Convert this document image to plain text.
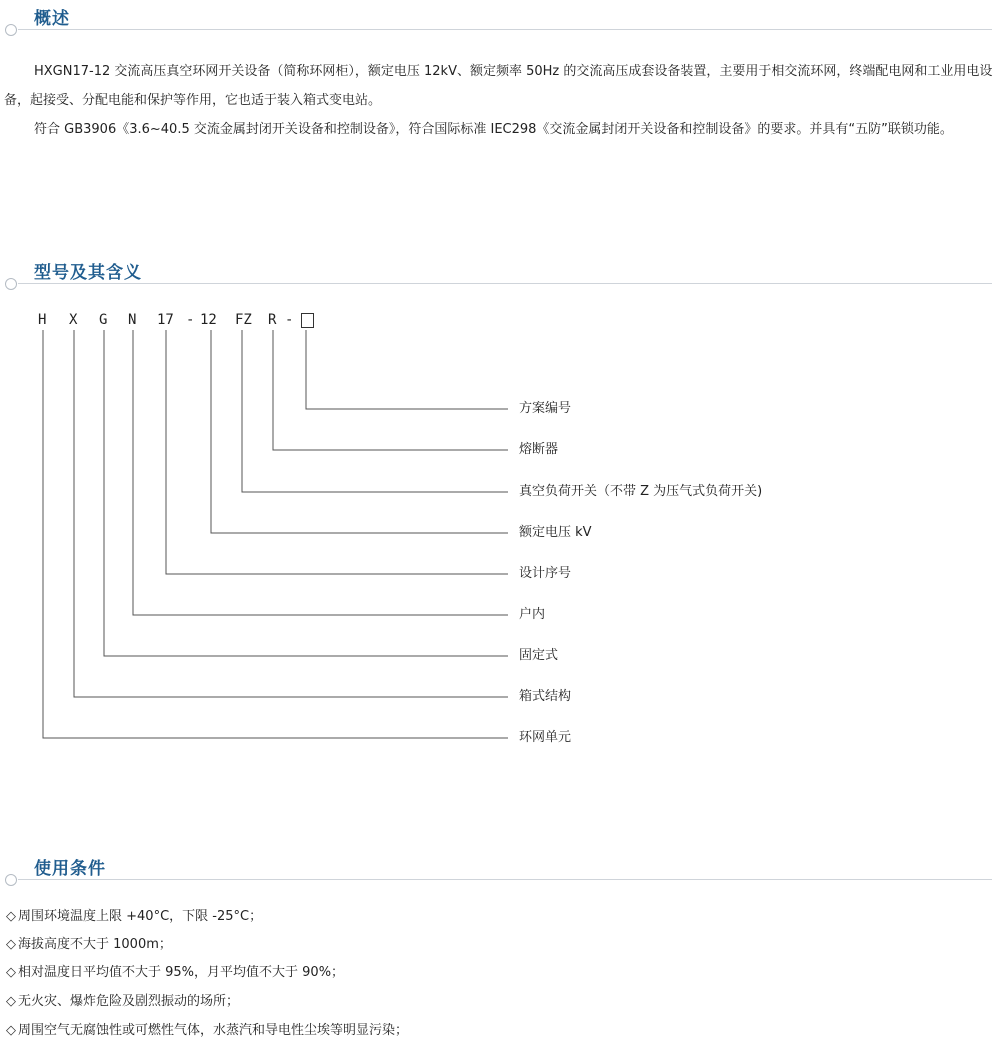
概述

HXGN17-12 交流高压真空环网开关设备（简称环网柜），额定电压 12kV、额定频率 50Hz 的交流高压成套设备装置，主要用于相交流环网，终端配电网和工业用电设备，起接受、分配电能和保护等作用，它也适于装入箱式变电站。

符合 GB3906《3.6~40.5 交流金属封闭开关设备和控制设备》，符合国际标准 IEC298《交流金属封闭开关设备和控制设备》的要求。并具有“五防”联锁功能。

型号及其含义
H X G N 17 - 12 FZ R -
方案编号
熔断器
真空负荷开关（不带 Z 为压气式负荷开关)
额定电压 kV
设计序号
户内
固定式
箱式结构
环网单元
使用条件
◇ 周围环境温度上限 +40°C，下限 -25°C；
◇ 海拔高度不大于 1000m；
◇ 相对温度日平均值不大于 95%，月平均值不大于 90%；
◇ 无火灾、爆炸危险及剧烈振动的场所；
◇ 周围空气无腐蚀性或可燃性气体，水蒸汽和导电性尘埃等明显污染；
